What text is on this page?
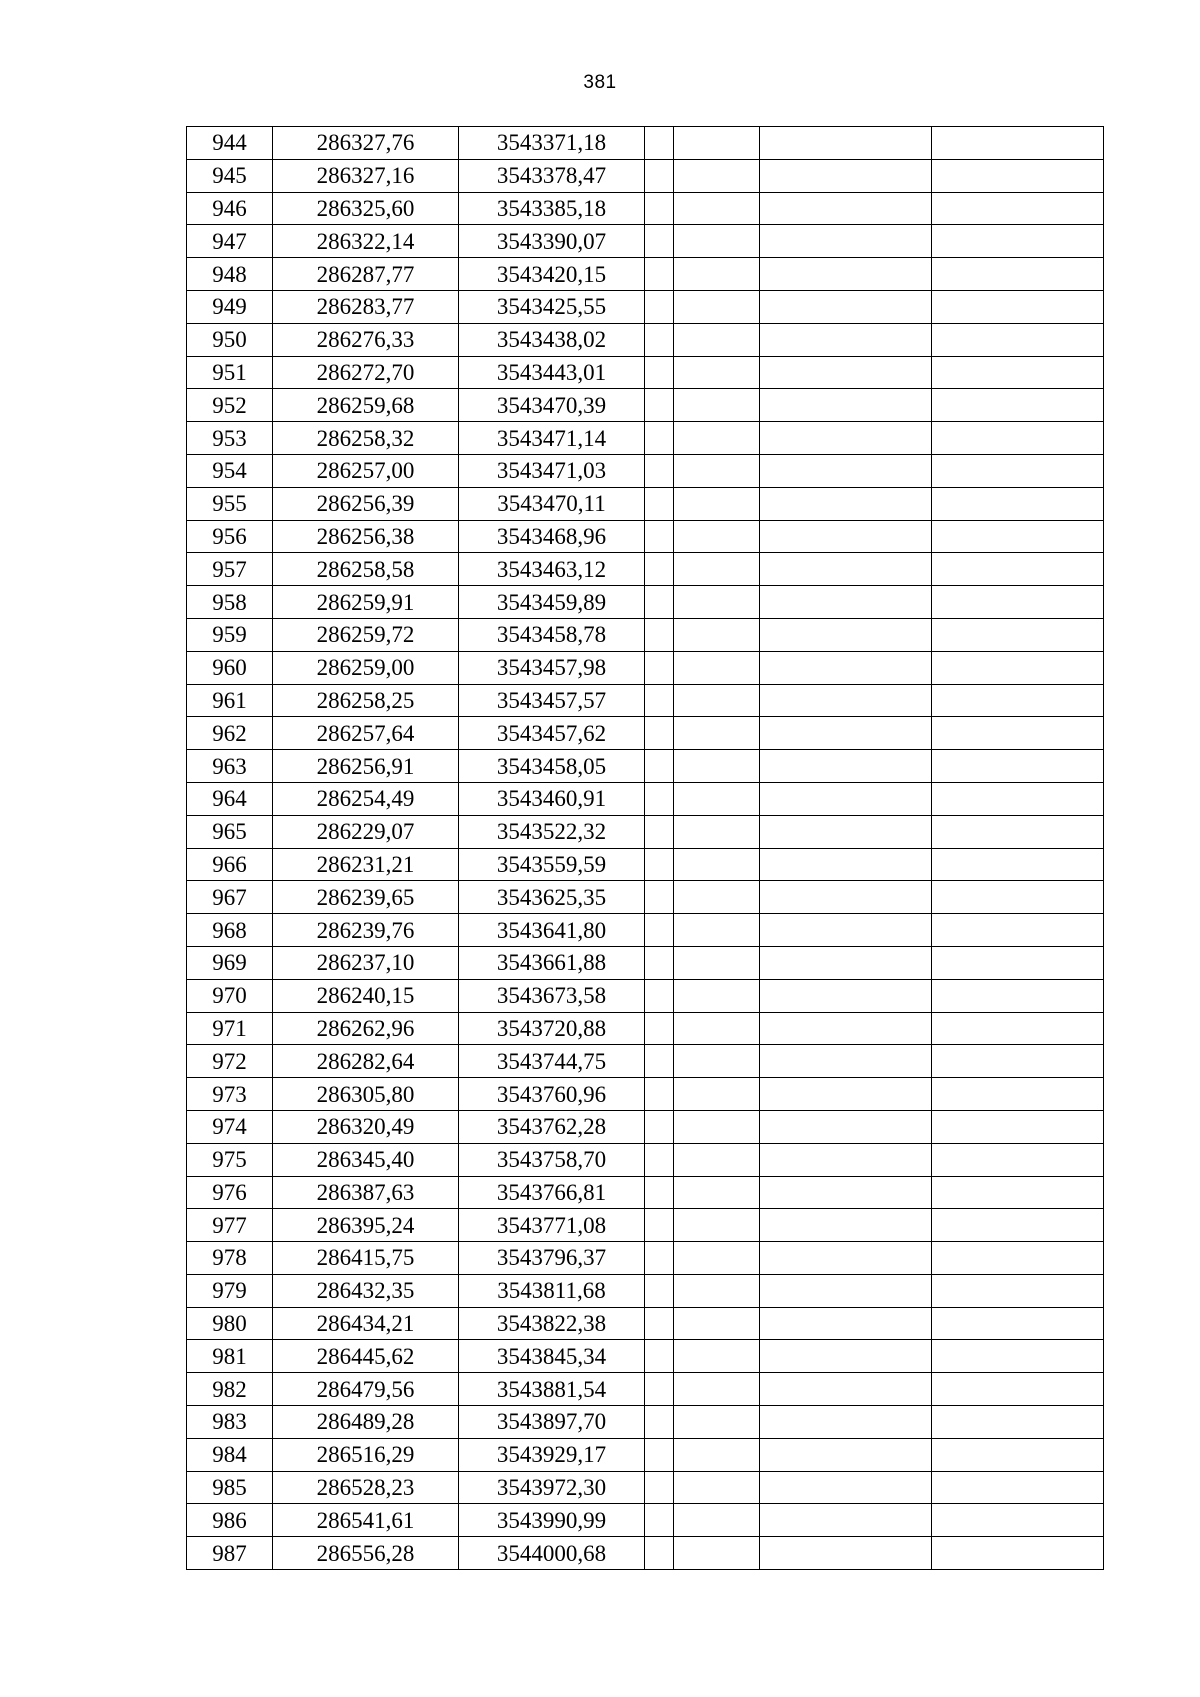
381
944	286327,76	3543371,18				
945	286327,16	3543378,47				
946	286325,60	3543385,18				
947	286322,14	3543390,07				
948	286287,77	3543420,15				
949	286283,77	3543425,55				
950	286276,33	3543438,02				
951	286272,70	3543443,01				
952	286259,68	3543470,39				
953	286258,32	3543471,14				
954	286257,00	3543471,03				
955	286256,39	3543470,11				
956	286256,38	3543468,96				
957	286258,58	3543463,12				
958	286259,91	3543459,89				
959	286259,72	3543458,78				
960	286259,00	3543457,98				
961	286258,25	3543457,57				
962	286257,64	3543457,62				
963	286256,91	3543458,05				
964	286254,49	3543460,91				
965	286229,07	3543522,32				
966	286231,21	3543559,59				
967	286239,65	3543625,35				
968	286239,76	3543641,80				
969	286237,10	3543661,88				
970	286240,15	3543673,58				
971	286262,96	3543720,88				
972	286282,64	3543744,75				
973	286305,80	3543760,96				
974	286320,49	3543762,28				
975	286345,40	3543758,70				
976	286387,63	3543766,81				
977	286395,24	3543771,08				
978	286415,75	3543796,37				
979	286432,35	3543811,68				
980	286434,21	3543822,38				
981	286445,62	3543845,34				
982	286479,56	3543881,54				
983	286489,28	3543897,70				
984	286516,29	3543929,17				
985	286528,23	3543972,30				
986	286541,61	3543990,99				
987	286556,28	3544000,68				
